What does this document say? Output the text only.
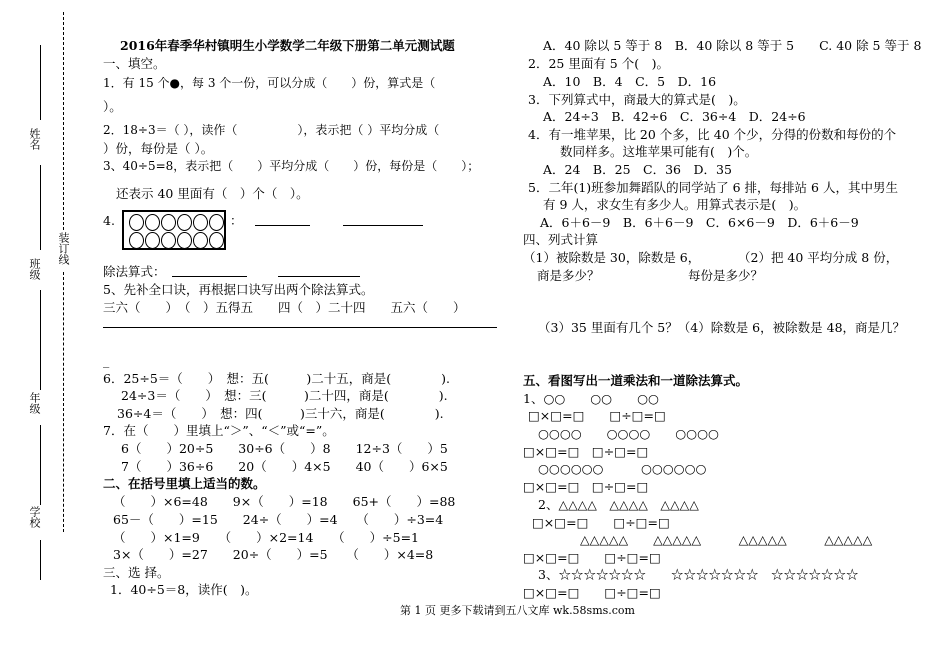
姓名
班级
年级
学校
装订线
2016年春季华村镇明生小学数学二年级下册第二单元测试题
一、填空。
1．有 15 个●，每 3 个一份，可以分成（　　）份，算式是（
）。
2．18÷3＝（ ），读作（　　　　　），表示把（ ）平均分成（
）份，每份是（ ）。
3、40÷5=8，表示把（　　）平均分成（　　）份，每份是（　　）；
还表示 40 里面有（　）个（　）。
4.	：
除法算式：
5、先补全口诀，再根据口诀写出两个除法算式。
三六（　　）　（　）五得五　　四（　）二十四　　五六（　　）
_
6．25÷5＝（　　）　想：五(　　　)二十五，商是(　　　　).
24÷3＝（　　）　想：三(　　　)二十四，商是(　　　　).
36÷4＝（　　）　想：四(　　　)三十六，商是(　　　　).
7．在（　　）里填上“＞”、“＜”或“=”。
6（　　）20÷5　　30÷6（　　）8　　12÷3（　　）5
7（　　）36÷6　　20（　　）4×5　　40（　　）6×5
二、在括号里填上适当的数。
（　　）×6=48　　9×（　　）=18　　65+（　　）=88
65－（　　）=15　　24÷（　　）=4　　（　　）÷3=4
（　　）×1=9　　（　　）×2=14　　（　　）÷5=1
3×（　　）=27　　20÷（　　）=5　　（　　）×4=8
三、选 择。
1．40÷5＝8，读作(　)。
A．40 除以 5 等于 8　B．40 除以 8 等于 5　　C. 40 除 5 等于 8
2．25 里面有 5 个(　)。
A．10　B．4　C．5　D．16
3．下列算式中，商最大的算式是(　)。
A．24÷3　B．42÷6　C．36÷4　D．24÷6
4．有一堆苹果，比 20 个多，比 40 个少，分得的份数和每份的个
数同样多。这堆苹果可能有(　)个。
A．24　B．25　C．36　D．35
5．二年(1)班参加舞蹈队的同学站了 6 排，每排站 6 人，其中男生
有 9 人，求女生有多少人。用算式表示是(　)。
A．6＋6－9　B．6＋6－9　C．6×6－9　D．6＋6－9
四、列式计算
（1）被除数是 30，除数是 6，
商是多少？
（2）把 40 平均分成 8 份，
每份是多少？
（3）35 里面有几个 5？（4）除数是 6，被除数是 48，商是几？
五、看图写出一道乘法和一道除法算式。
1、○○　　○○　　○○
□×□=□　　□÷□=□
○○○○　　○○○○　　○○○○
□×□=□　□÷□=□
○○○○○○　　　○○○○○○
□×□=□　□÷□=□
2、△△△△　△△△△　△△△△
□×□=□　　□÷□=□
△△△△△　　△△△△△　　　△△△△△　　　△△△△△
□×□=□　　□÷□=□
3、☆☆☆☆☆☆☆　　☆☆☆☆☆☆☆　☆☆☆☆☆☆☆
□×□=□　　□÷□=□
第 1 页 更多下载请到五八文库 wk.58sms.com
